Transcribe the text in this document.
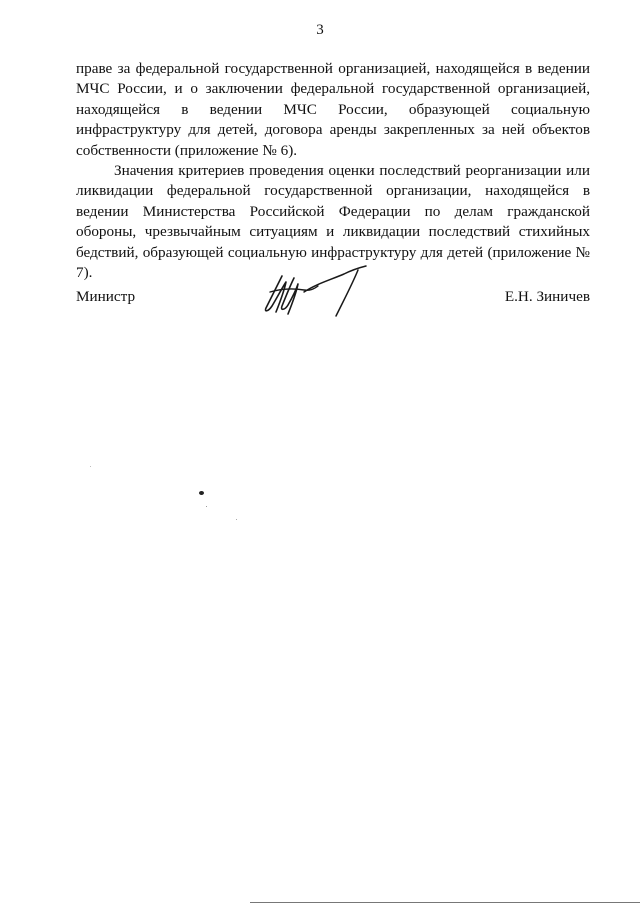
3

праве за федеральной государственной организацией, находящейся в ведении МЧС России, и о заключении федеральной государственной организацией, находящейся в ведении МЧС России, образующей социальную инфраструктуру для детей, договора аренды закрепленных за ней объектов собственности (приложение № 6).

Значения критериев проведения оценки последствий реорганизации или ликвидации федеральной государственной организации, находящейся в ведении Министерства Российской Федерации по делам гражданской обороны, чрезвычайным ситуациям и ликвидации последствий стихийных бедствий, образующей социальную инфраструктуру для детей (приложение № 7).

Министр	Е.Н. Зиничев
